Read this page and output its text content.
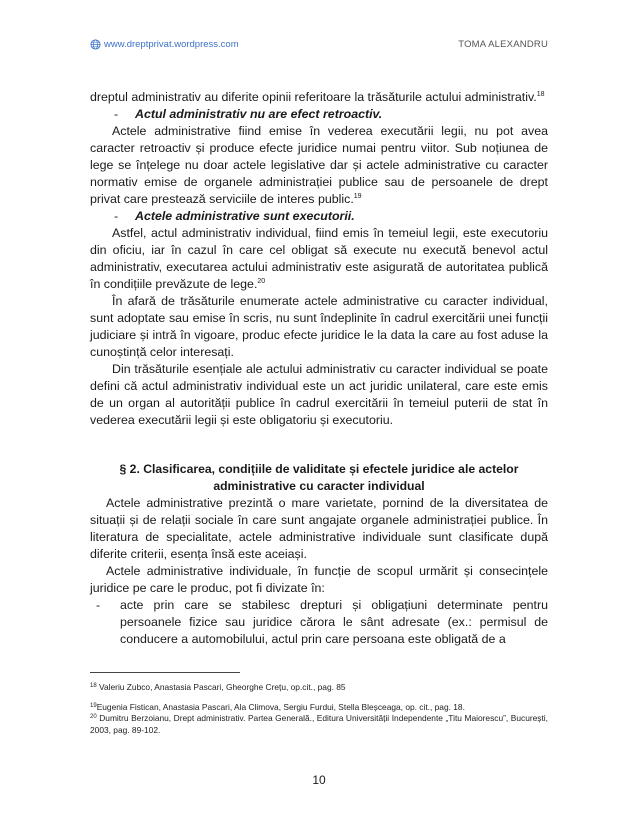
www.dreptprivat.wordpress.com	TOMA ALEXANDRU

dreptul administrativ au diferite opinii referitoare la trăsăturile actului administrativ.$^{18}$

-	Actul administrativ nu are efect retroactiv.

Actele administrative fiind emise în vederea executării legii, nu pot avea caracter retroactiv și produce efecte juridice numai pentru viitor. Sub noțiunea de lege se înțelege nu doar actele legislative dar și actele administrative cu caracter normativ emise de organele administrației publice sau de persoanele de drept privat care prestează serviciile de interes public.$^{19}$

-	Actele administrative sunt executorii.

Astfel, actul administrativ individual, fiind emis în temeiul legii, este executoriu din oficiu, iar în cazul în care cel obligat să execute nu execută benevol actul administrativ, executarea actului administrativ este asigurată de autoritatea publică în condițiile prevăzute de lege.$^{20}$

În afară de trăsăturile enumerate actele administrative cu caracter individual, sunt adoptate sau emise în scris, nu sunt îndeplinite în cadrul exercitării unei funcții judiciare și intră în vigoare, produc efecte juridice le la data la care au fost aduse la cunoștință celor interesați.

Din trăsăturile esențiale ale actului administrativ cu caracter individual se poate defini că actul administrativ individual este un act juridic unilateral, care este emis de un organ al autorității publice în cadrul exercitării în temeiul puterii de stat în vederea executării legii și este obligatoriu și executoriu.

§ 2. Clasificarea, condițiile de validitate și efectele juridice ale actelor
administrative cu caracter individual

Actele administrative prezintă o mare varietate, pornind de la diversitatea de situații și de relații sociale în care sunt angajate organele administrației publice. În literatura de specialitate, actele administrative individuale sunt clasificate după diferite criterii, esența însă este aceiași.

Actele administrative individuale, în funcție de scopul urmărit și consecințele juridice pe care le produc, pot fi divizate în:

-	acte prin care se stabilesc drepturi și obligațiuni determinate pentru persoanele fizice sau juridice cărora le sânt adresate (ex.: permisul de conducere a automobilului, actul prin care persoana este obligată de a

$^{18}$ Valeriu Zubco, Anastasia Pascari, Gheorghe Crețu, op.cit., pag. 85

$^{19}$Eugenia Fistican, Anastasia Pascari, Ala Climova, Sergiu Furdui, Stella Bleșceaga, op. cit., pag. 18.

$^{20}$ Dumitru Berzoianu, Drept administrativ. Partea Generală., Editura Universității Independente „Titu Maiorescu”, București, 2003, pag. 89-102.

10
